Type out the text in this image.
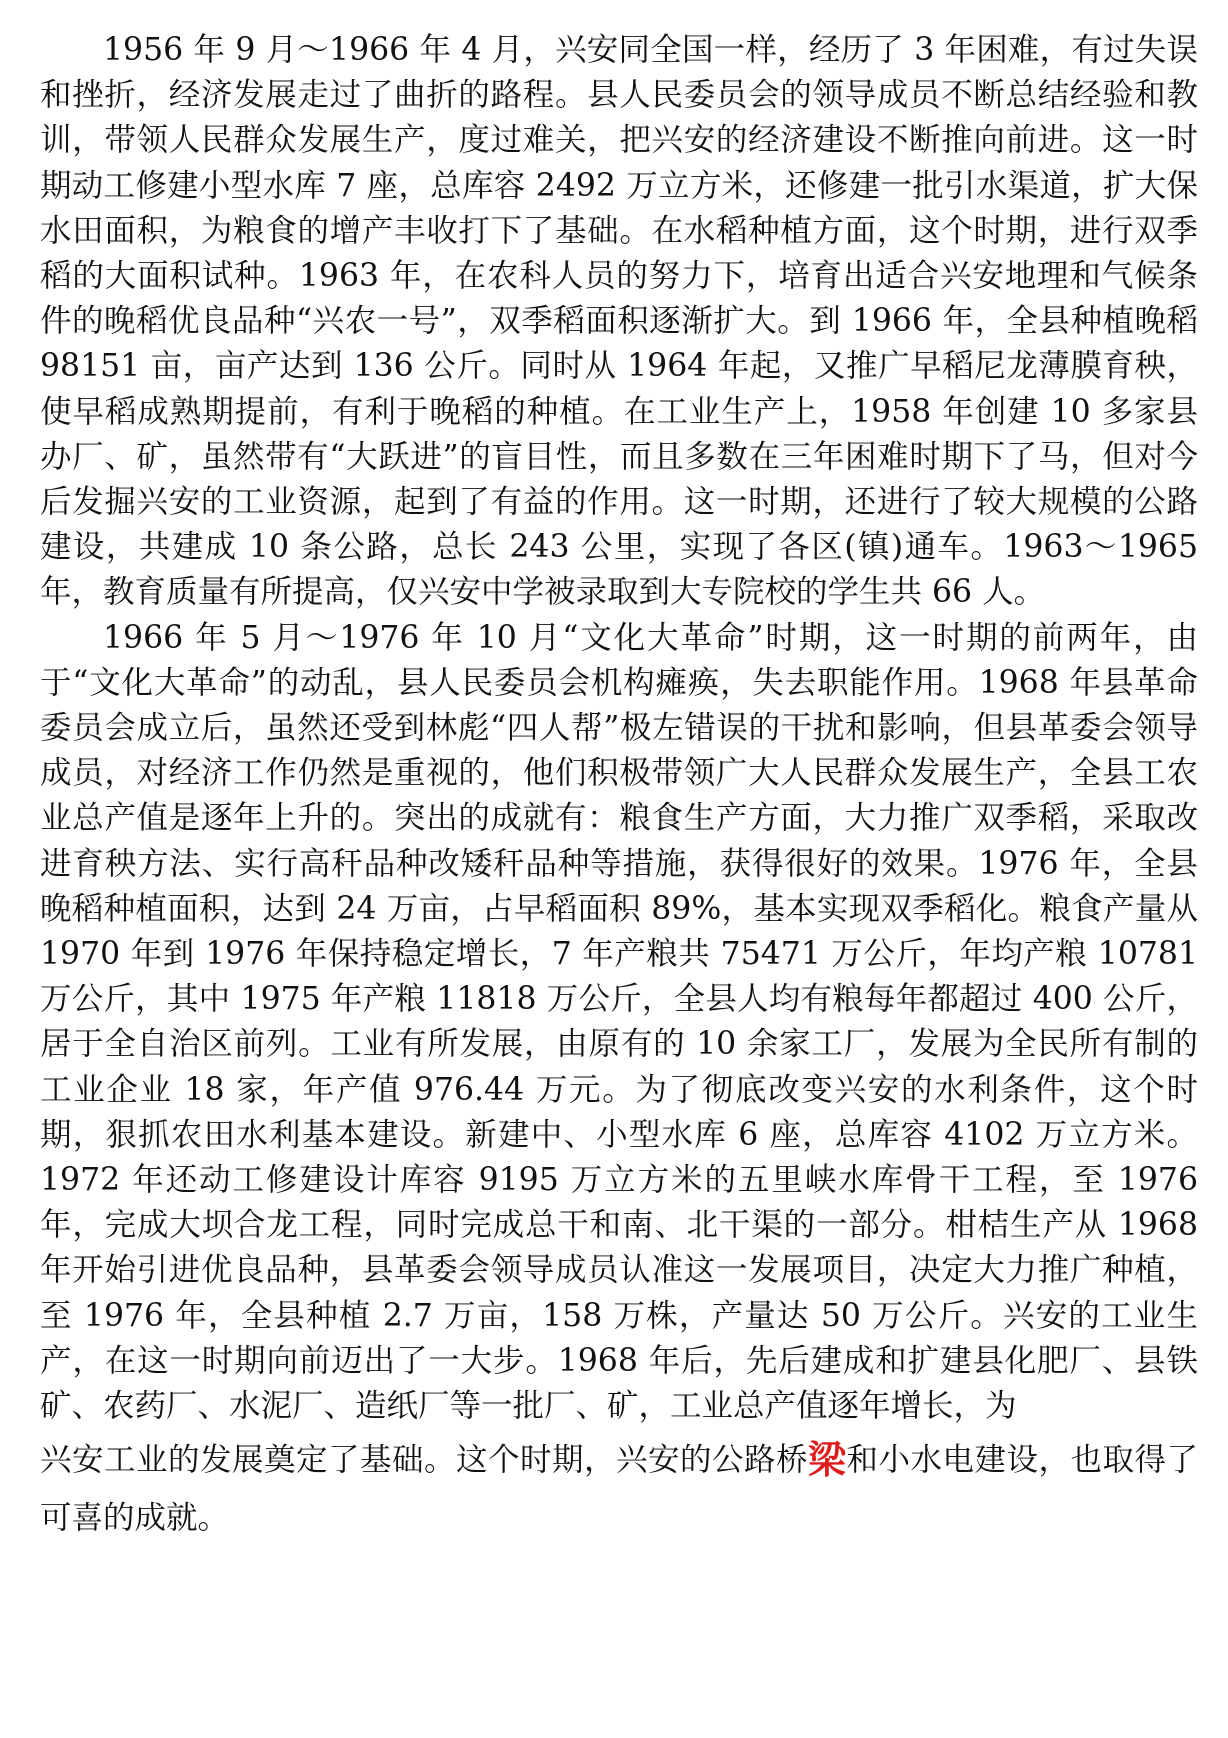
1956 年 9 月～1966 年 4 月，兴安同全国一样，经历了 3 年困难，有过失误和挫折，经济发展走过了曲折的路程。县人民委员会的领导成员不断总结经验和教训，带领人民群众发展生产，度过难关，把兴安的经济建设不断推向前进。这一时期动工修建小型水库 7 座，总库容 2492 万立方米，还修建一批引水渠道，扩大保水田面积，为粮食的增产丰收打下了基础。在水稻种植方面，这个时期，进行双季稻的大面积试种。1963 年，在农科人员的努力下，培育出适合兴安地理和气候条件的晚稻优良品种“兴农一号”，双季稻面积逐渐扩大。到 1966 年，全县种植晚稻 98151 亩，亩产达到 136 公斤。同时从 1964 年起，又推广早稻尼龙薄膜育秧，使早稻成熟期提前，有利于晚稻的种植。在工业生产上，1958 年创建 10 多家县办厂、矿，虽然带有“大跃进”的盲目性，而且多数在三年困难时期下了马，但对今后发掘兴安的工业资源，起到了有益的作用。这一时期，还进行了较大规模的公路建设，共建成 10 条公路，总长 243 公里，实现了各区(镇)通车。1963～1965 年，教育质量有所提高，仅兴安中学被录取到大专院校的学生共 66 人。

1966 年 5 月～1976 年 10 月“文化大革命”时期，这一时期的前两年，由于“文化大革命”的动乱，县人民委员会机构瘫痪，失去职能作用。1968 年县革命委员会成立后，虽然还受到林彪“四人帮”极左错误的干扰和影响，但县革委会领导成员，对经济工作仍然是重视的，他们积极带领广大人民群众发展生产，全县工农业总产值是逐年上升的。突出的成就有：粮食生产方面，大力推广双季稻，采取改进育秧方法、实行高秆品种改矮秆品种等措施，获得很好的效果。1976 年，全县晚稻种植面积，达到 24 万亩，占早稻面积 89%，基本实现双季稻化。粮食产量从 1970 年到 1976 年保持稳定增长，7 年产粮共 75471 万公斤，年均产粮 10781 万公斤，其中 1975 年产粮 11818 万公斤，全县人均有粮每年都超过 400 公斤，居于全自治区前列。工业有所发展，由原有的 10 余家工厂，发展为全民所有制的工业企业 18 家，年产值 976.44 万元。为了彻底改变兴安的水利条件，这个时期，狠抓农田水利基本建设。新建中、小型水库 6 座，总库容 4102 万立方米。1972 年还动工修建设计库容 9195 万立方米的五里峡水库骨干工程，至 1976 年，完成大坝合龙工程，同时完成总干和南、北干渠的一部分。柑桔生产从 1968 年开始引进优良品种，县革委会领导成员认准这一发展项目，决定大力推广种植，至 1976 年，全县种植 2.7 万亩，158 万株，产量达 50 万公斤。兴安的工业生产，在这一时期向前迈出了一大步。1968 年后，先后建成和扩建县化肥厂、县铁矿、农药厂、水泥厂、造纸厂等一批厂、矿，工业总产值逐年增长，为

兴安工业的发展奠定了基础。这个时期，兴安的公路桥梁和小水电建设，也取得了可喜的成就。
